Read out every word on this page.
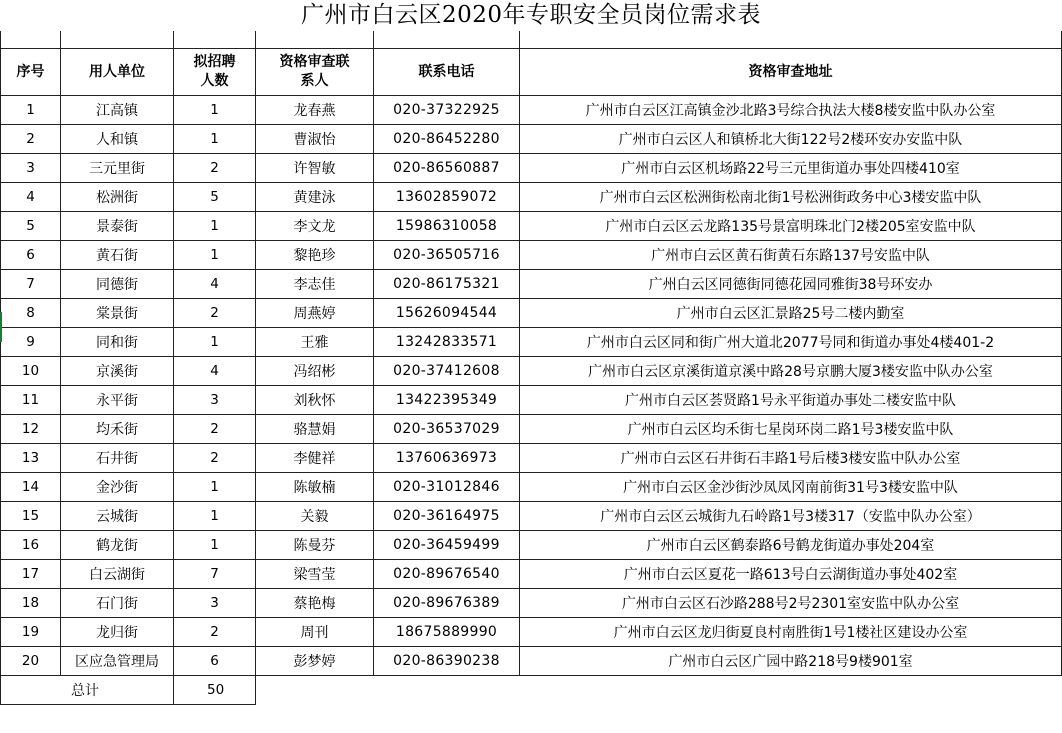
广州市白云区2020年专职安全员岗位需求表

序号	用人单位	拟招聘人数	资格审查联系人	联系电话	资格审查地址
1	江高镇	1	龙春燕	020-37322925	广州市白云区江高镇金沙北路3号综合执法大楼8楼安监中队办公室
2	人和镇	1	曹淑怡	020-86452280	广州市白云区人和镇桥北大街122号2楼环安办安监中队
3	三元里街	2	许智敏	020-86560887	广州市白云区机场路22号三元里街道办事处四楼410室
4	松洲街	5	黄建泳	13602859072	广州市白云区松洲街松南北街1号松洲街政务中心3楼安监中队
5	景泰街	1	李文龙	15986310058	广州市白云区云龙路135号景富明珠北门2楼205室安监中队
6	黄石街	1	黎艳珍	020-36505716	广州市白云区黄石街黄石东路137号安监中队
7	同德街	4	李志佳	020-86175321	广州白云区同德街同德花园同雅街38号环安办
8	棠景街	2	周燕婷	15626094544	广州市白云区汇景路25号二楼内勤室
9	同和街	1	王雅	13242833571	广州市白云区同和街广州大道北2077号同和街道办事处4楼401-2
10	京溪街	4	冯绍彬	020-37412608	广州市白云区京溪街道京溪中路28号京鹏大厦3楼安监中队办公室
11	永平街	3	刘秋怀	13422395349	广州市白云区荟贤路1号永平街道办事处二楼安监中队
12	均禾街	2	骆慧娟	020-36537029	广州市白云区均禾街七星岗环岗二路1号3楼安监中队
13	石井街	2	李健祥	13760636973	广州市白云区石井街石丰路1号后楼3楼安监中队办公室
14	金沙街	1	陈敏楠	020-31012846	广州市白云区金沙街沙凤凤冈南前街31号3楼安监中队
15	云城街	1	关毅	020-36164975	广州市白云区云城街九石岭路1号3楼317（安监中队办公室）
16	鹤龙街	1	陈曼芬	020-36459499	广州市白云区鹤泰路6号鹤龙街道办事处204室
17	白云湖街	7	梁雪莹	020-89676540	广州市白云区夏花一路613号白云湖街道办事处402室
18	石门街	3	蔡艳梅	020-89676389	广州市白云区石沙路288号2号2301室安监中队办公室
19	龙归街	2	周刊	18675889990	广州市白云区龙归街夏良村南胜街1号1楼社区建设办公室
20	区应急管理局	6	彭梦婷	020-86390238	广州市白云区广园中路218号9楼901室
总计		50			
